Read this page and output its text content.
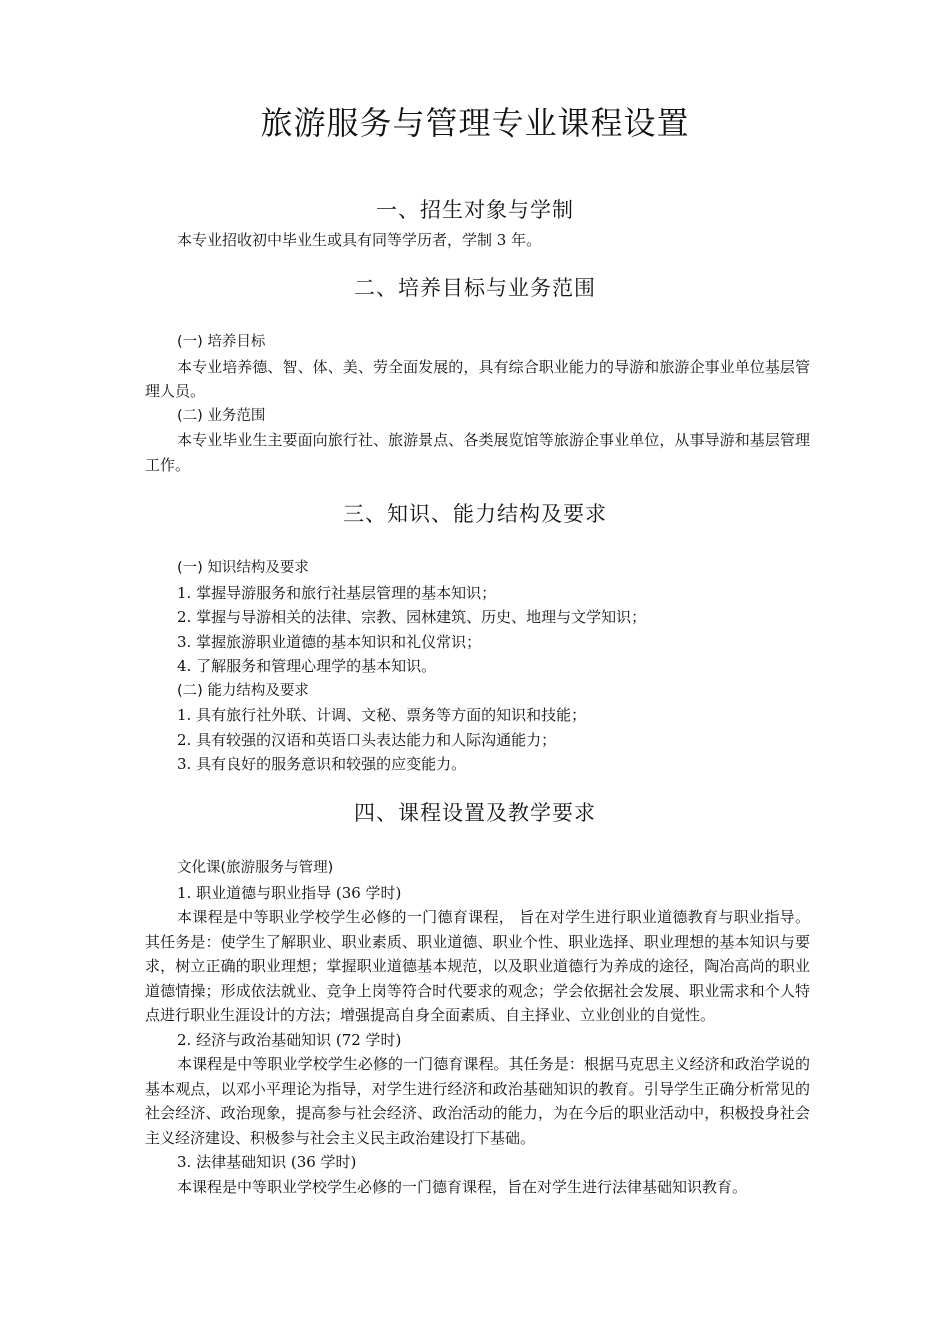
旅游服务与管理专业课程设置
一、招生对象与学制

本专业招收初中毕业生或具有同等学历者，学制 3 年。

二、培养目标与业务范围

(一) 培养目标

本专业培养德、智、体、美、劳全面发展的，具有综合职业能力的导游和旅游企事业单位基层管理人员。

(二) 业务范围

本专业毕业生主要面向旅行社、旅游景点、各类展览馆等旅游企事业单位，从事导游和基层管理工作。

三、知识、能力结构及要求

(一) 知识结构及要求

1. 掌握导游服务和旅行社基层管理的基本知识；

2. 掌握与导游相关的法律、宗教、园林建筑、历史、地理与文学知识；

3. 掌握旅游职业道德的基本知识和礼仪常识；

4. 了解服务和管理心理学的基本知识。

(二) 能力结构及要求

1. 具有旅行社外联、计调、文秘、票务等方面的知识和技能；

2. 具有较强的汉语和英语口头表达能力和人际沟通能力；

3. 具有良好的服务意识和较强的应变能力。

四、课程设置及教学要求

文化课(旅游服务与管理)

1. 职业道德与职业指导 (36 学时)

本课程是中等职业学校学生必修的一门德育课程， 旨在对学生进行职业道德教育与职业指导。其任务是：使学生了解职业、职业素质、职业道德、职业个性、职业选择、职业理想的基本知识与要求，树立正确的职业理想；掌握职业道德基本规范，以及职业道德行为养成的途径，陶冶高尚的职业道德情操；形成依法就业、竞争上岗等符合时代要求的观念；学会依据社会发展、职业需求和个人特点进行职业生涯设计的方法；增强提高自身全面素质、自主择业、立业创业的自觉性。

2. 经济与政治基础知识 (72 学时)

本课程是中等职业学校学生必修的一门德育课程。其任务是：根据马克思主义经济和政治学说的基本观点，以邓小平理论为指导，对学生进行经济和政治基础知识的教育。引导学生正确分析常见的社会经济、政治现象，提高参与社会经济、政治活动的能力，为在今后的职业活动中，积极投身社会主义经济建设、积极参与社会主义民主政治建设打下基础。

3. 法律基础知识 (36 学时)

本课程是中等职业学校学生必修的一门德育课程，旨在对学生进行法律基础知识教育。
